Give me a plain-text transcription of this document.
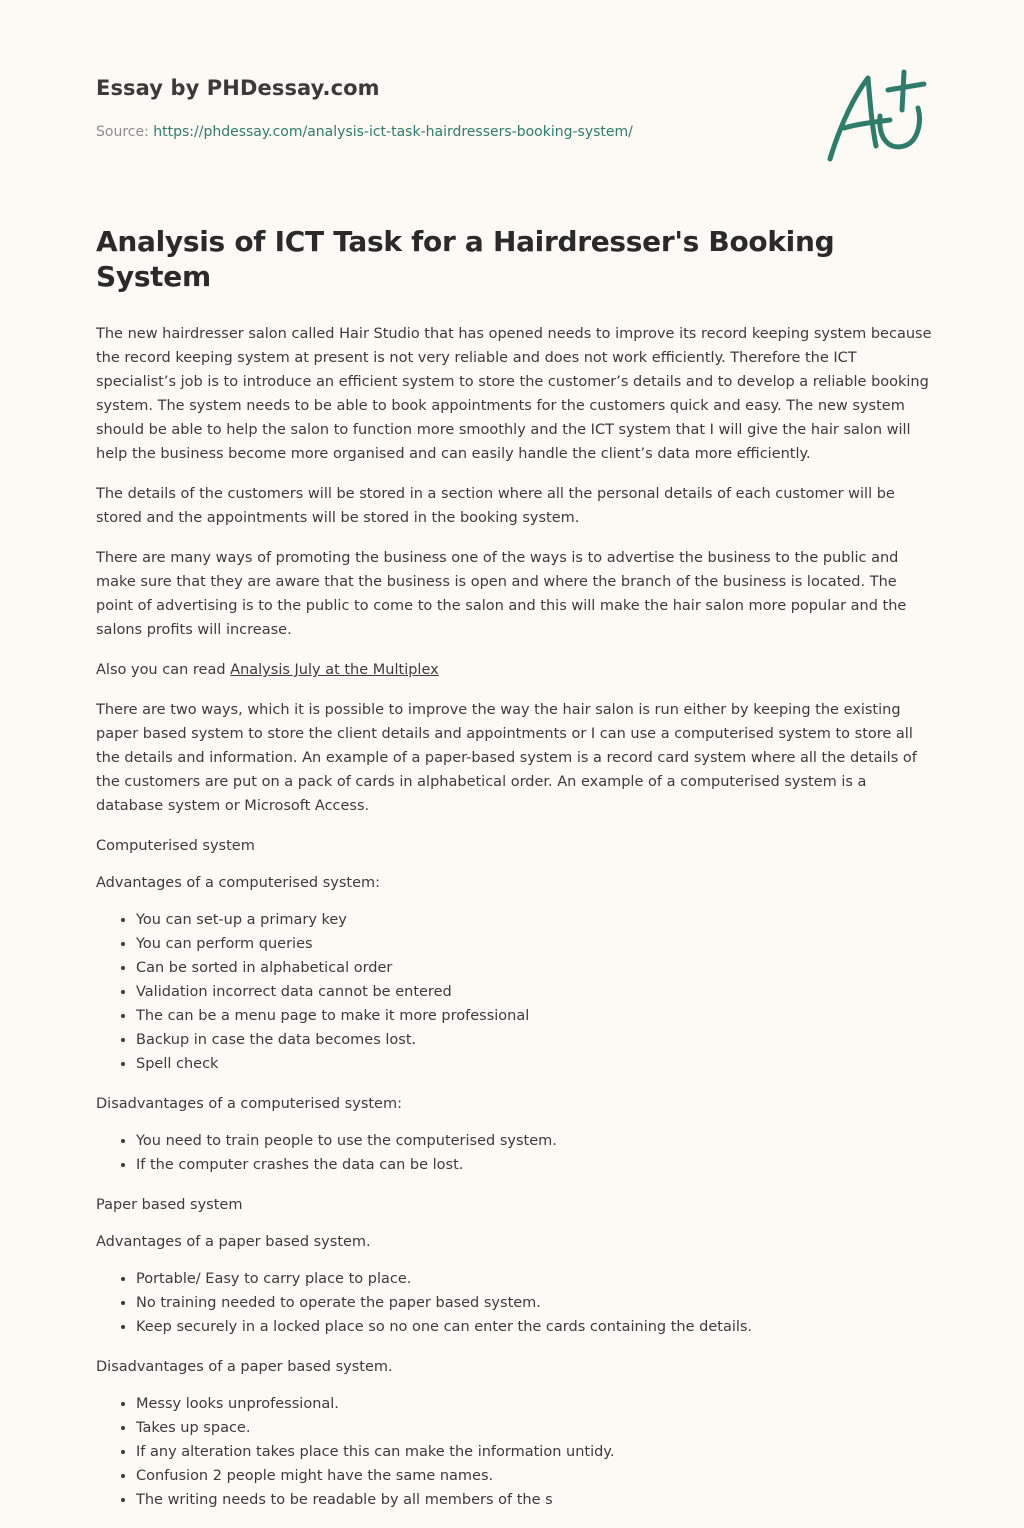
Essay by PHDessay.com
Source: https://phdessay.com/analysis-ict-task-hairdressers-booking-system/
Analysis of ICT Task for a Hairdresser's Booking System

The new hairdresser salon called Hair Studio that has opened needs to improve its record keeping system because the record keeping system at present is not very reliable and does not work efficiently. Therefore the ICT specialist’s job is to introduce an efficient system to store the customer’s details and to develop a reliable booking system. The system needs to be able to book appointments for the customers quick and easy. The new system should be able to help the salon to function more smoothly and the ICT system that I will give the hair salon will help the business become more organised and can easily handle the client’s data more efficiently.

The details of the customers will be stored in a section where all the personal details of each customer will be stored and the appointments will be stored in the booking system.

There are many ways of promoting the business one of the ways is to advertise the business to the public and make sure that they are aware that the business is open and where the branch of the business is located. The point of advertising is to the public to come to the salon and this will make the hair salon more popular and the salons profits will increase.

Also you can read Analysis July at the Multiplex

There are two ways, which it is possible to improve the way the hair salon is run either by keeping the existing paper based system to store the client details and appointments or I can use a computerised system to store all the details and information. An example of a paper-based system is a record card system where all the details of the customers are put on a pack of cards in alphabetical order. An example of a computerised system is a database system or Microsoft Access.

Computerised system

Advantages of a computerised system:

• You can set-up a primary key
• You can perform queries
• Can be sorted in alphabetical order
• Validation incorrect data cannot be entered
• The can be a menu page to make it more professional
• Backup in case the data becomes lost.
• Spell check

Disadvantages of a computerised system:

• You need to train people to use the computerised system.
• If the computer crashes the data can be lost.

Paper based system

Advantages of a paper based system.

• Portable/ Easy to carry place to place.
• No training needed to operate the paper based system.
• Keep securely in a locked place so no one can enter the cards containing the details.

Disadvantages of a paper based system.

• Messy looks unprofessional.
• Takes up space.
• If any alteration takes place this can make the information untidy.
• Confusion 2 people might have the same names.
• The writing needs to be readable by all members of the s
